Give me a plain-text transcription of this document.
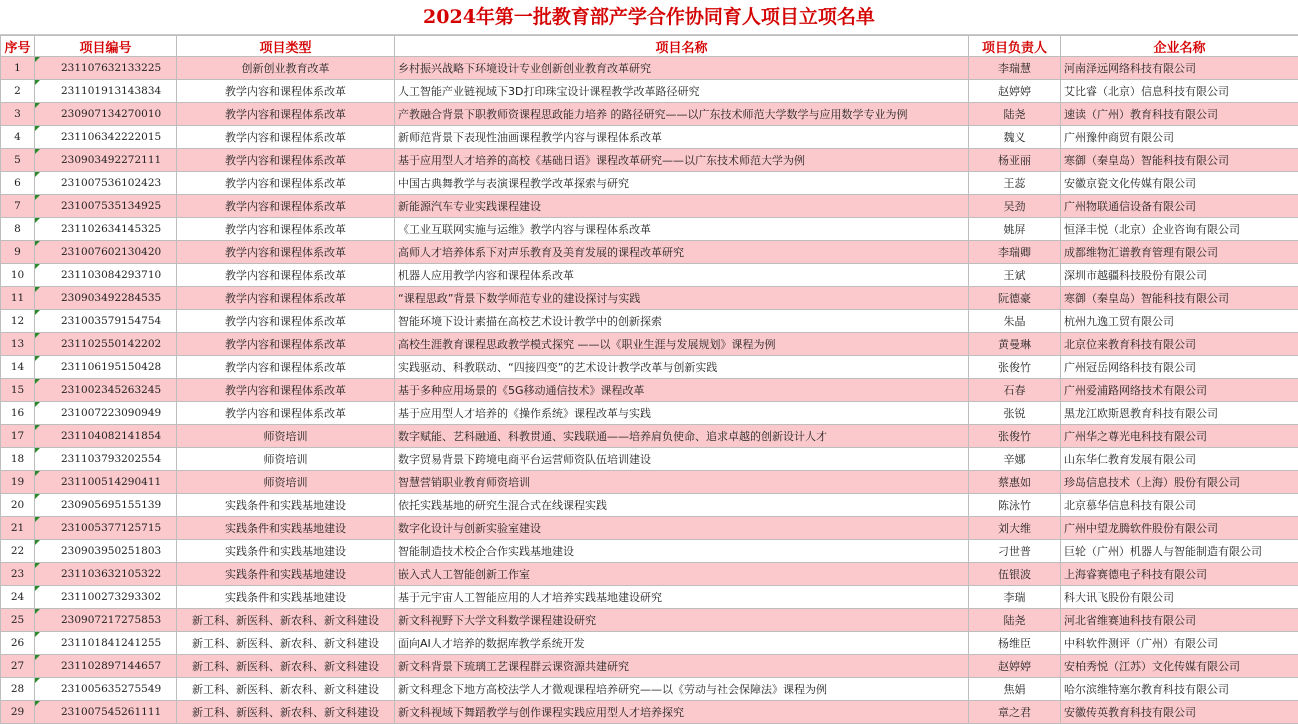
2024年第一批教育部产学合作协同育人项目立项名单
序号	项目编号	项目类型	项目名称	项目负责人	企业名称
1	231107632133225	创新创业教育改革	乡村振兴战略下环境设计专业创新创业教育改革研究	李瑞慧	河南泽远网络科技有限公司
2	231101913143834	教学内容和课程体系改革	人工智能产业链视域下3D打印珠宝设计课程教学改革路径研究	赵婷婷	艾比睿（北京）信息科技有限公司
3	230907134270010	教学内容和课程体系改革	产教融合背景下职教师资课程思政能力培养 的路径研究——以广东技术师范大学数学与应用数学专业为例	陆尧	速读（广州）教育科技有限公司
4	231106342222015	教学内容和课程体系改革	新师范背景下表现性油画课程教学内容与课程体系改革	魏义	广州豫仲商贸有限公司
5	230903492272111	教学内容和课程体系改革	基于应用型人才培养的高校《基础日语》课程改革研究——以广东技术师范大学为例	杨亚丽	寒御（秦皇岛）智能科技有限公司
6	231007536102423	教学内容和课程体系改革	中国古典舞教学与表演课程教学改革探索与研究	王蕊	安徽京瓷文化传媒有限公司
7	231007535134925	教学内容和课程体系改革	新能源汽车专业实践课程建设	吴劲	广州物联通信设备有限公司
8	231102634145325	教学内容和课程体系改革	《工业互联网实施与运维》教学内容与课程体系改革	姚屏	恒泽丰悦（北京）企业咨询有限公司
9	231007602130420	教学内容和课程体系改革	高师人才培养体系下对声乐教育及美育发展的课程改革研究	李瑞卿	成都维物汇谱教育管理有限公司
10	231103084293710	教学内容和课程体系改革	机器人应用教学内容和课程体系改革	王斌	深圳市越疆科技股份有限公司
11	230903492284535	教学内容和课程体系改革	“课程思政”背景下数学师范专业的建设探讨与实践	阮德豪	寒御（秦皇岛）智能科技有限公司
12	231003579154754	教学内容和课程体系改革	智能环境下设计素描在高校艺术设计教学中的创新探索	朱晶	杭州九逸工贸有限公司
13	231102550142202	教学内容和课程体系改革	高校生涯教育课程思政教学模式探究 ——以《职业生涯与发展规划》课程为例	黄曼琳	北京位来教育科技有限公司
14	231106195150428	教学内容和课程体系改革	实践驱动、科教联动、“四接四变”的艺术设计教学改革与创新实践	张俊竹	广州冠岳网络科技有限公司
15	231002345263245	教学内容和课程体系改革	基于多种应用场景的《5G移动通信技术》课程改革	石春	广州爱浦路网络技术有限公司
16	231007223090949	教学内容和课程体系改革	基于应用型人才培养的《操作系统》课程改革与实践	张锐	黑龙江欧斯恩教育科技有限公司
17	231104082141854	师资培训	数字赋能、艺科融通、科教贯通、实践联通——培养肩负使命、追求卓越的创新设计人才	张俊竹	广州华之尊光电科技有限公司
18	231103793202554	师资培训	数字贸易背景下跨境电商平台运营师资队伍培训建设	辛娜	山东华仁教育发展有限公司
19	231100514290411	师资培训	智慧营销职业教育师资培训	蔡惠如	珍岛信息技术（上海）股份有限公司
20	230905695155139	实践条件和实践基地建设	依托实践基地的研究生混合式在线课程实践	陈泳竹	北京慕华信息科技有限公司
21	231005377125715	实践条件和实践基地建设	数字化设计与创新实验室建设	刘大维	广州中望龙腾软件股份有限公司
22	230903950251803	实践条件和实践基地建设	智能制造技术校企合作实践基地建设	刁世普	巨轮（广州）机器人与智能制造有限公司
23	231103632105322	实践条件和实践基地建设	嵌入式人工智能创新工作室	伍银波	上海睿赛德电子科技有限公司
24	231100273293302	实践条件和实践基地建设	基于元宇宙人工智能应用的人才培养实践基地建设研究	李瑞	科大讯飞股份有限公司
25	230907217275853	新工科、新医科、新农科、新文科建设	新文科视野下大学文科数学课程建设研究	陆尧	河北省维赛迪科技有限公司
26	231101841241255	新工科、新医科、新农科、新文科建设	面向AI人才培养的数据库教学系统开发	杨维臣	中科软件测评（广州）有限公司
27	231102897144657	新工科、新医科、新农科、新文科建设	新文科背景下琉璃工艺课程群云课资源共建研究	赵婷婷	安柏秀悦（江苏）文化传媒有限公司
28	231005635275549	新工科、新医科、新农科、新文科建设	新文科理念下地方高校法学人才微观课程培养研究——以《劳动与社会保障法》课程为例	焦娟	哈尔滨维特塞尔教育科技有限公司
29	231007545261111	新工科、新医科、新农科、新文科建设	新文科视域下舞蹈教学与创作课程实践应用型人才培养探究	章之君	安徽传英教育科技有限公司
